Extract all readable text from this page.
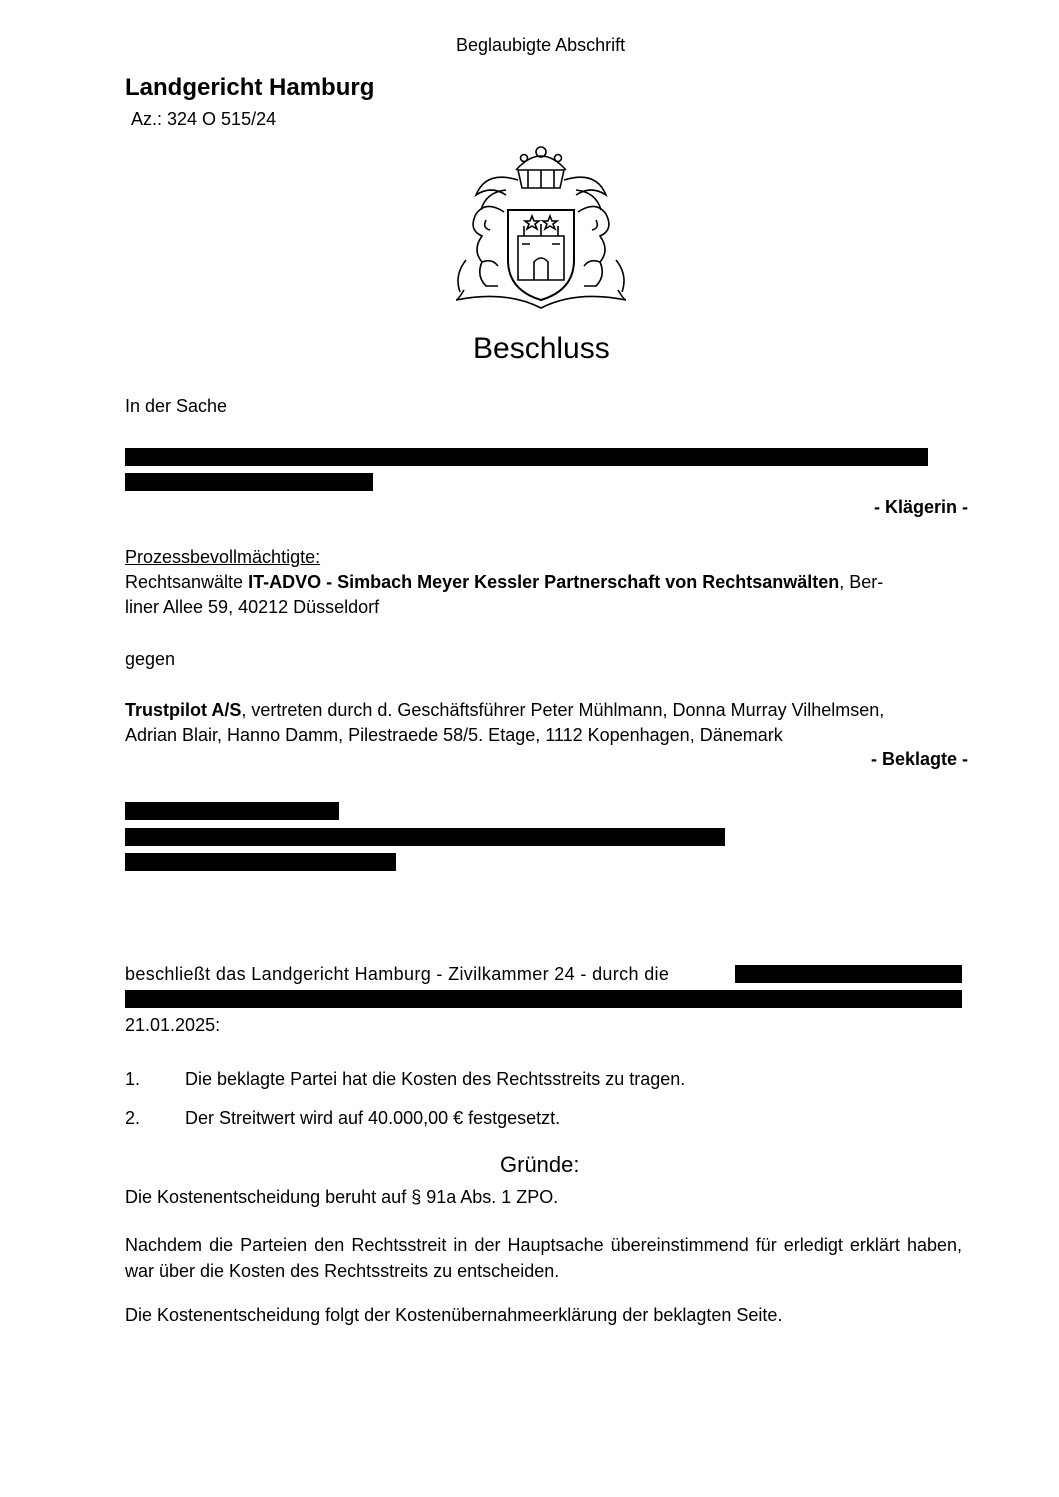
Beglaubigte Abschrift
Landgericht Hamburg
Az.: 324 O 515/24
Beschluss
In der Sache
- Klägerin -
Prozessbevollmächtigte:
Rechtsanwälte IT-ADVO - Simbach Meyer Kessler Partnerschaft von Rechtsanwälten, Ber-
liner Allee 59, 40212 Düsseldorf
gegen
Trustpilot A/S, vertreten durch d. Geschäftsführer Peter Mühlmann, Donna Murray Vilhelmsen,
Adrian Blair, Hanno Damm, Pilestraede 58/5. Etage, 1112 Kopenhagen, Dänemark
- Beklagte -
beschließt das Landgericht Hamburg - Zivilkammer 24 - durch die
21.01.2025:
1. Die beklagte Partei hat die Kosten des Rechtsstreits zu tragen.
2. Der Streitwert wird auf 40.000,00 € festgesetzt.
Gründe:
Die Kostenentscheidung beruht auf § 91a Abs. 1 ZPO.
Nachdem die Parteien den Rechtsstreit in der Hauptsache übereinstimmend für erledigt erklärt haben, war über die Kosten des Rechtsstreits zu entscheiden.
Die Kostenentscheidung folgt der Kostenübernahmeerklärung der beklagten Seite.
